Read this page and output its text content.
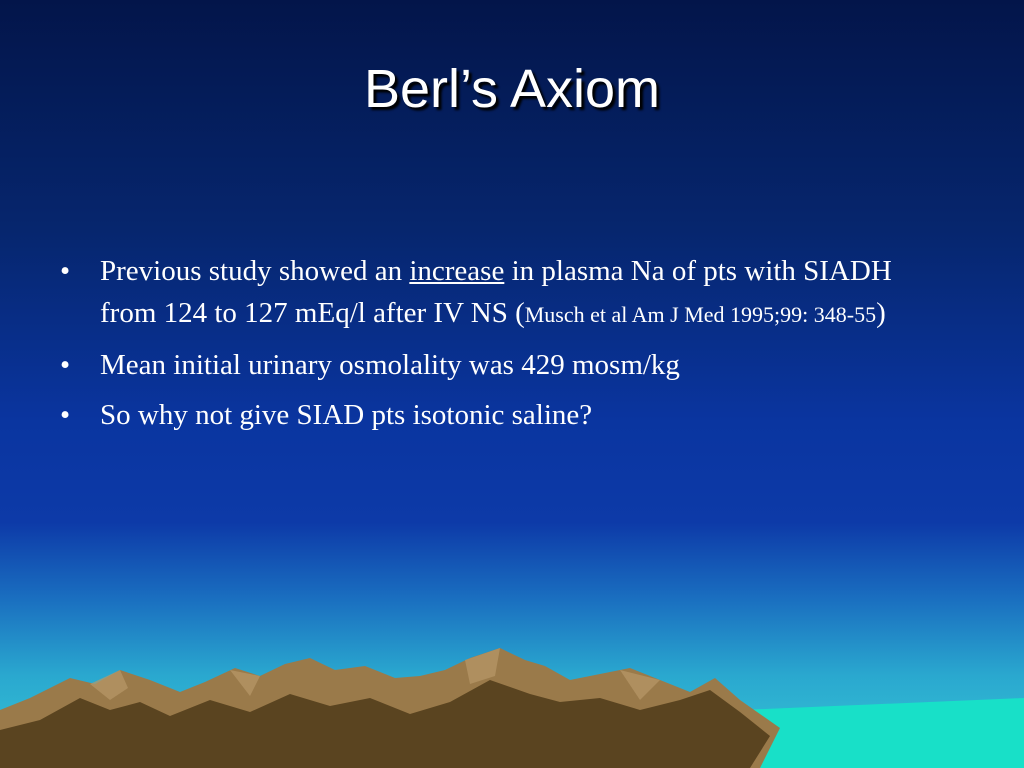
Berl’s Axiom
• Previous study showed an increase in plasma Na of pts with SIADH from 124 to 127 mEq/l after IV NS (Musch et al Am J Med 1995;99: 348-55)
• Mean initial urinary osmolality was 429 mosm/kg
• So why not give SIAD pts isotonic saline?
